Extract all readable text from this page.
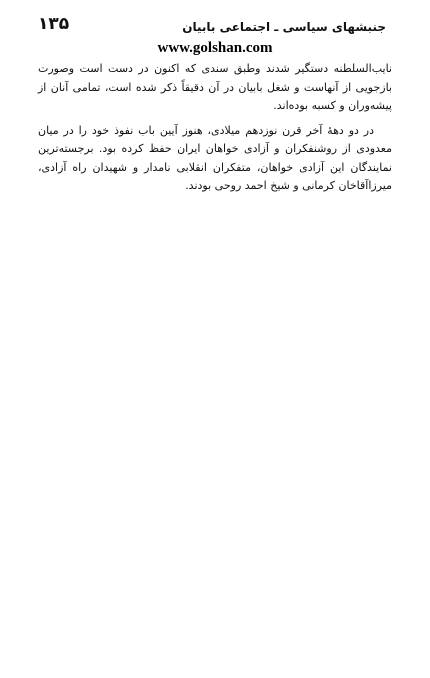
۱۳۵	جنبشهای سیاسی ـ اجتماعی بابیان
www.golshan.com

نایب‌السلطنه دستگیر شدند وطبق سندی که اکنون در دست است وصورت بازجویی از آنهاست و شغل بابیان در آن دقیقاً ذکر شده است، تمامی آنان از پیشه‌وران و کسبه بوده‌اند.

در دو دههٔ آخر قرن نوزدهم میلادی، هنوز آیین باب نفوذ خود را در میان معدودی از روشنفکران و آزادی خواهان ایران حفظ کرده بود. برجسته‌ترین نمایندگان این آزادی خواهان، متفکران انقلابی نامدار و شهیدان راه آزادی، میرزاآقاخان کرمانی و شیخ احمد روحی بودند.
